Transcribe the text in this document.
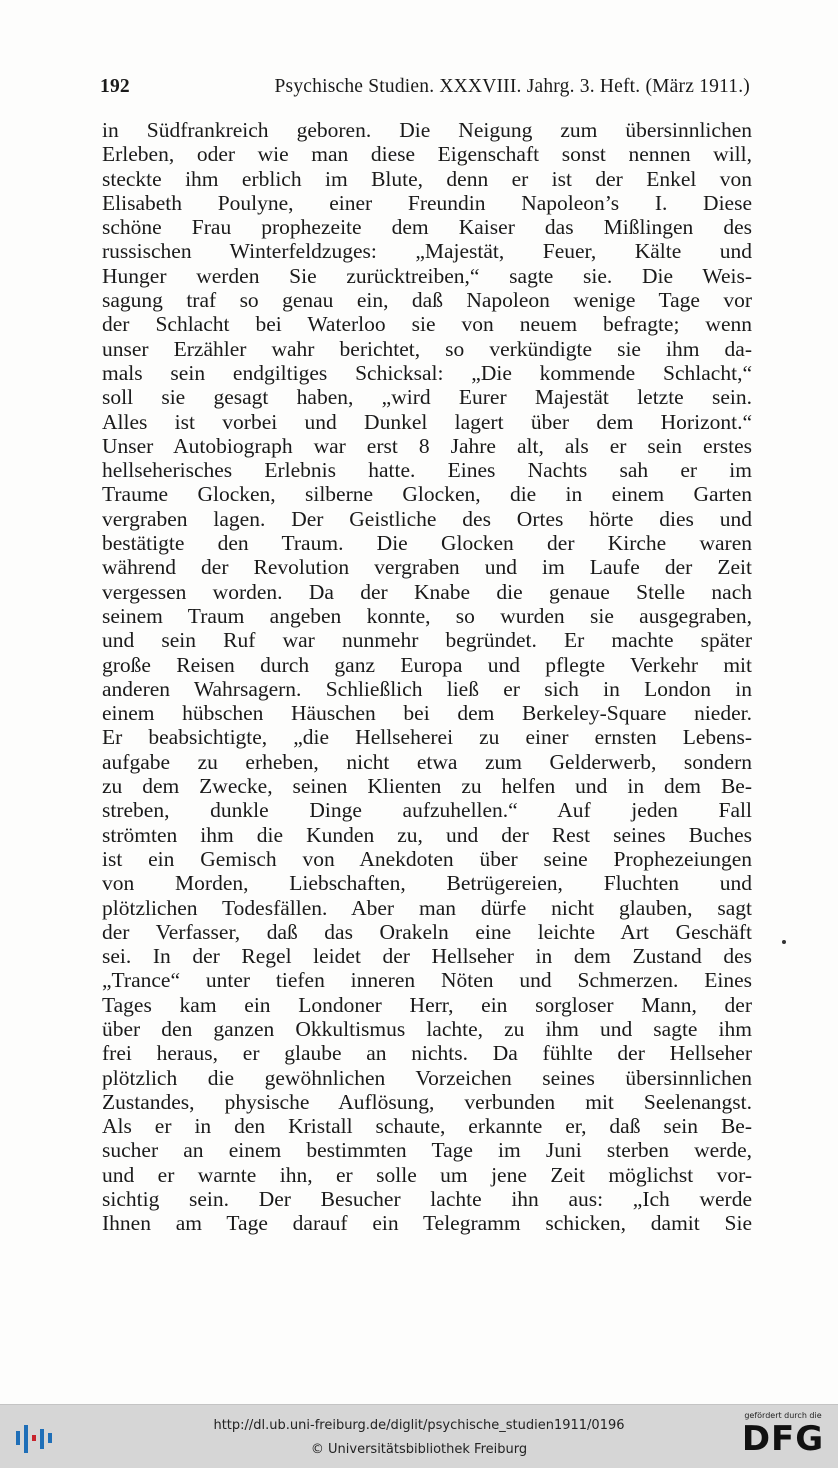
192	Psychische Studien. XXXVIII. Jahrg. 3. Heft. (März 1911.)
in Südfrankreich geboren. Die Neigung zum übersinnlichen
Erleben, oder wie man diese Eigenschaft sonst nennen will,
steckte ihm erblich im Blute, denn er ist der Enkel von
Elisabeth Poulyne, einer Freundin Napoleon’s I. Diese
schöne Frau prophezeite dem Kaiser das Mißlingen des
russischen Winterfeldzuges: „Majestät, Feuer, Kälte und
Hunger werden Sie zurücktreiben,“ sagte sie. Die Weis-
sagung traf so genau ein, daß Napoleon wenige Tage vor
der Schlacht bei Waterloo sie von neuem befragte; wenn
unser Erzähler wahr berichtet, so verkündigte sie ihm da-
mals sein endgiltiges Schicksal: „Die kommende Schlacht,“
soll sie gesagt haben, „wird Eurer Majestät letzte sein.
Alles ist vorbei und Dunkel lagert über dem Horizont.“
Unser Autobiograph war erst 8 Jahre alt, als er sein erstes
hellseherisches Erlebnis hatte. Eines Nachts sah er im
Traume Glocken, silberne Glocken, die in einem Garten
vergraben lagen. Der Geistliche des Ortes hörte dies und
bestätigte den Traum. Die Glocken der Kirche waren
während der Revolution vergraben und im Laufe der Zeit
vergessen worden. Da der Knabe die genaue Stelle nach
seinem Traum angeben konnte, so wurden sie ausgegraben,
und sein Ruf war nunmehr begründet. Er machte später
große Reisen durch ganz Europa und pflegte Verkehr mit
anderen Wahrsagern. Schließlich ließ er sich in London in
einem hübschen Häuschen bei dem Berkeley-Square nieder.
Er beabsichtigte, „die Hellseherei zu einer ernsten Lebens-
aufgabe zu erheben, nicht etwa zum Gelderwerb, sondern
zu dem Zwecke, seinen Klienten zu helfen und in dem Be-
streben, dunkle Dinge aufzuhellen.“ Auf jeden Fall
strömten ihm die Kunden zu, und der Rest seines Buches
ist ein Gemisch von Anekdoten über seine Prophezeiungen
von Morden, Liebschaften, Betrügereien, Fluchten und
plötzlichen Todesfällen. Aber man dürfe nicht glauben, sagt
der Verfasser, daß das Orakeln eine leichte Art Geschäft
sei. In der Regel leidet der Hellseher in dem Zustand des
„Trance“ unter tiefen inneren Nöten und Schmerzen. Eines
Tages kam ein Londoner Herr, ein sorgloser Mann, der
über den ganzen Okkultismus lachte, zu ihm und sagte ihm
frei heraus, er glaube an nichts. Da fühlte der Hellseher
plötzlich die gewöhnlichen Vorzeichen seines übersinnlichen
Zustandes, physische Auflösung, verbunden mit Seelenangst.
Als er in den Kristall schaute, erkannte er, daß sein Be-
sucher an einem bestimmten Tage im Juni sterben werde,
und er warnte ihn, er solle um jene Zeit möglichst vor-
sichtig sein. Der Besucher lachte ihn aus: „Ich werde
Ihnen am Tage darauf ein Telegramm schicken, damit Sie
http://dl.ub.uni-freiburg.de/diglit/psychische_studien1911/0196
© Universitätsbibliothek Freiburg
gefördert durch die
DFG
